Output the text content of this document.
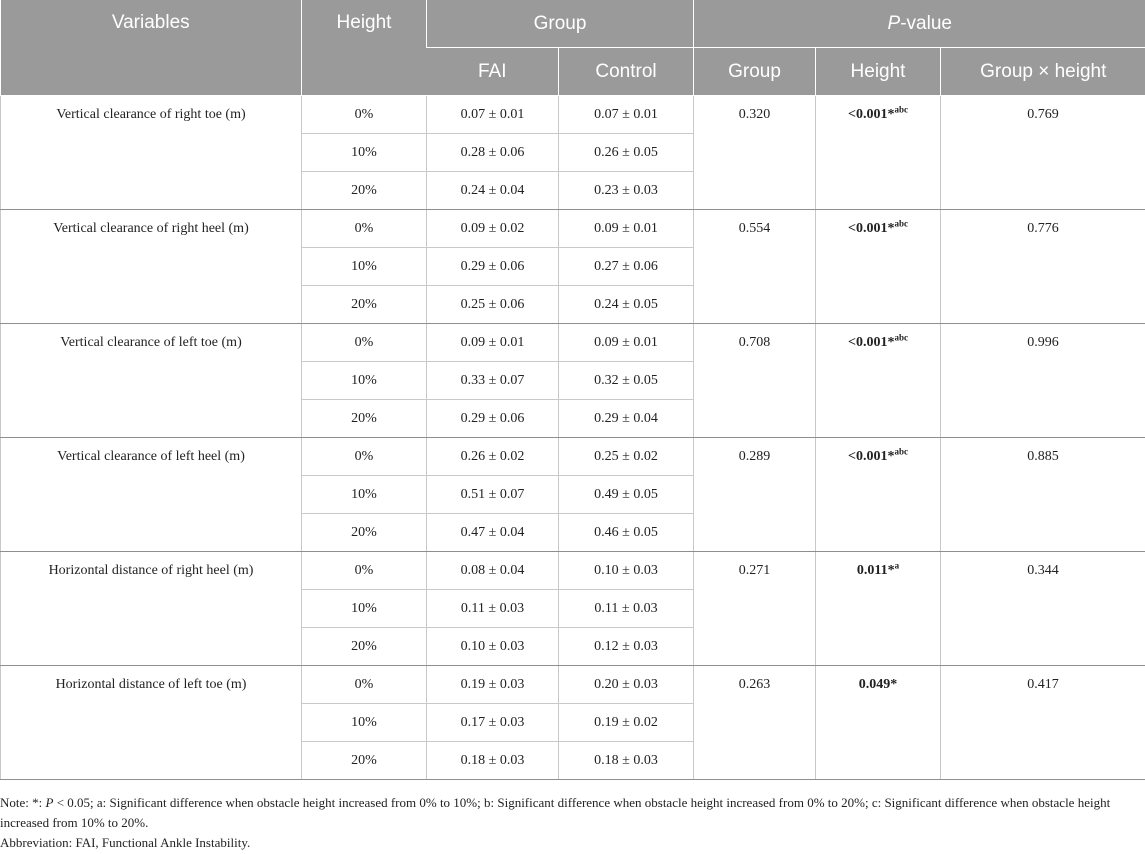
Variables	Height	Group		P-value		
		FAI	Control	Group	Height	Group × height
Vertical clearance of right toe (m)	0%	0.07 ± 0.01	0.07 ± 0.01	0.320	<0.001*$^{abc}$	0.769
	10%	0.28 ± 0.06	0.26 ± 0.05			
	20%	0.24 ± 0.04	0.23 ± 0.03			
Vertical clearance of right heel (m)	0%	0.09 ± 0.02	0.09 ± 0.01	0.554	<0.001*$^{abc}$	0.776
	10%	0.29 ± 0.06	0.27 ± 0.06			
	20%	0.25 ± 0.06	0.24 ± 0.05			
Vertical clearance of left toe (m)	0%	0.09 ± 0.01	0.09 ± 0.01	0.708	<0.001*$^{abc}$	0.996
	10%	0.33 ± 0.07	0.32 ± 0.05			
	20%	0.29 ± 0.06	0.29 ± 0.04			
Vertical clearance of left heel (m)	0%	0.26 ± 0.02	0.25 ± 0.02	0.289	<0.001*$^{abc}$	0.885
	10%	0.51 ± 0.07	0.49 ± 0.05			
	20%	0.47 ± 0.04	0.46 ± 0.05			
Horizontal distance of right heel (m)	0%	0.08 ± 0.04	0.10 ± 0.03	0.271	0.011*$^a$	0.344
	10%	0.11 ± 0.03	0.11 ± 0.03			
	20%	0.10 ± 0.03	0.12 ± 0.03			
Horizontal distance of left toe (m)	0%	0.19 ± 0.03	0.20 ± 0.03	0.263	0.049*	0.417
	10%	0.17 ± 0.03	0.19 ± 0.02			
	20%	0.18 ± 0.03	0.18 ± 0.03			

Note: *: P < 0.05; a: Significant difference when obstacle height increased from 0% to 10%; b: Significant difference when obstacle height increased from 0% to 20%; c: Significant difference when obstacle height increased from 10% to 20%.

Abbreviation: FAI, Functional Ankle Instability.
